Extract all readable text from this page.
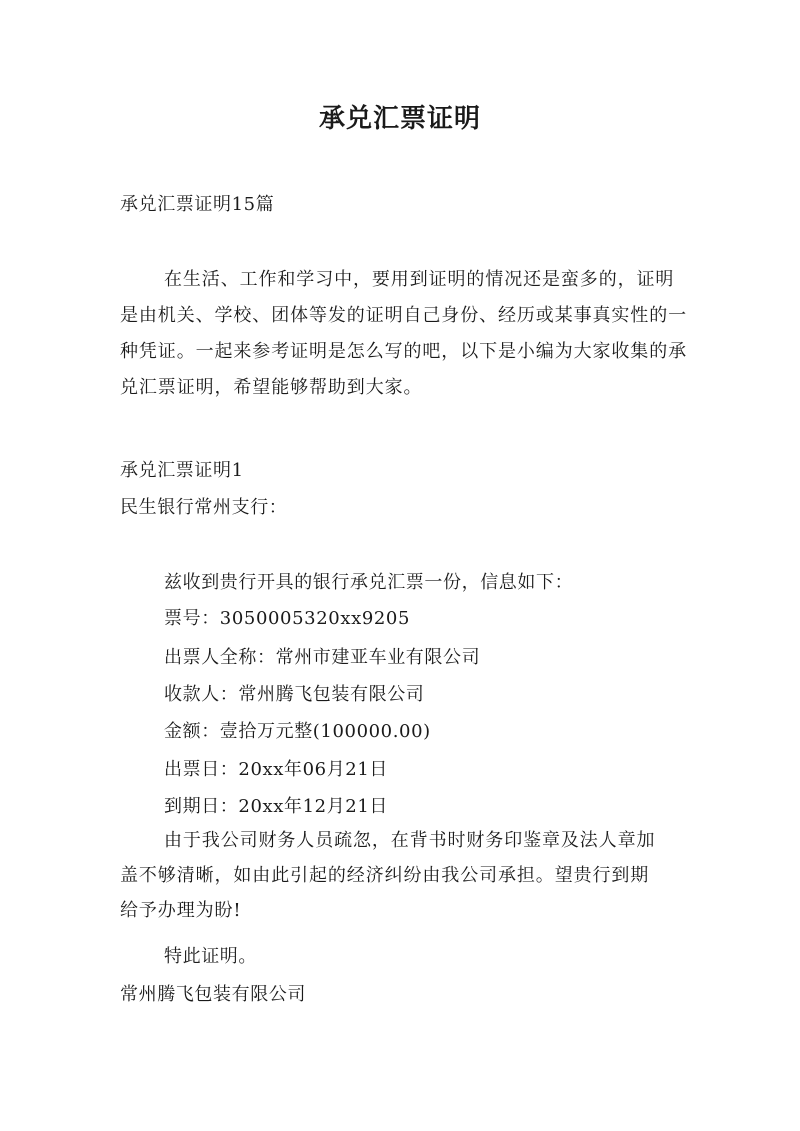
承兑汇票证明
承兑汇票证明15篇

在生活、工作和学习中，要用到证明的情况还是蛮多的，证明是由机关、学校、团体等发的证明自己身份、经历或某事真实性的一种凭证。一起来参考证明是怎么写的吧，以下是小编为大家收集的承兑汇票证明，希望能够帮助到大家。

承兑汇票证明1
民生银行常州支行：
兹收到贵行开具的银行承兑汇票一份，信息如下：
票号：3050005320xx9205
出票人全称：常州市建亚车业有限公司
收款人：常州腾飞包装有限公司
金额：壹拾万元整(100000.00)
出票日：20xx年06月21日
到期日：20xx年12月21日

由于我公司财务人员疏忽，在背书时财务印鉴章及法人章加盖不够清晰，如由此引起的经济纠纷由我公司承担。望贵行到期给予办理为盼!

特此证明。
常州腾飞包装有限公司
